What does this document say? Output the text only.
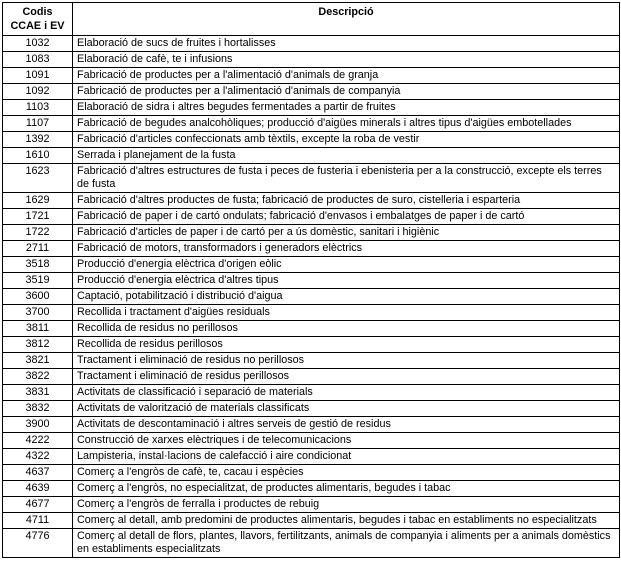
Codis CCAE i EV	Descripció
1032	Elaboració de sucs de fruites i hortalisses
1083	Elaboració de cafè, te i infusions
1091	Fabricació de productes per a l'alimentació d'animals de granja
1092	Fabricació de productes per a l'alimentació d'animals de companyia
1103	Elaboració de sidra i altres begudes fermentades a partir de fruites
1107	Fabricació de begudes analcohòliques; producció d'aigües minerals i altres tipus d'aigües embotellades
1392	Fabricació d'articles confeccionats amb tèxtils, excepte la roba de vestir
1610	Serrada i planejament de la fusta
1623	Fabricació d'altres estructures de fusta i peces de fusteria i ebenisteria per a la construcció, excepte els terres de fusta
1629	Fabricació d'altres productes de fusta; fabricació de productes de suro, cistelleria i esparteria
1721	Fabricació de paper i de cartó ondulats; fabricació d'envasos i embalatges de paper i de cartó
1722	Fabricació d'articles de paper i de cartó per a ús domèstic, sanitari i higiènic
2711	Fabricació de motors, transformadors i generadors elèctrics
3518	Producció d'energia elèctrica d'origen eòlic
3519	Producció d'energia elèctrica d'altres tipus
3600	Captació, potabilització i distribució d'aigua
3700	Recollida i tractament d'aigües residuals
3811	Recollida de residus no perillosos
3812	Recollida de residus perillosos
3821	Tractament i eliminació de residus no perillosos
3822	Tractament i eliminació de residus perillosos
3831	Activitats de classificació i separació de materials
3832	Activitats de valorització de materials classificats
3900	Activitats de descontaminació i altres serveis de gestió de residus
4222	Construcció de xarxes elèctriques i de telecomunicacions
4322	Lampisteria, instal·lacions de calefacció i aire condicionat
4637	Comerç a l'engròs de cafè, te, cacau i espècies
4639	Comerç a l'engròs, no especialitzat, de productes alimentaris, begudes i tabac
4677	Comerç a l'engròs de ferralla i productes de rebuig
4711	Comerç al detall, amb predomini de productes alimentaris, begudes i tabac en establiments no especialitzats
4776	Comerç al detall de flors, plantes, llavors, fertilitzants, animals de companyia i aliments per a animals domèstics en establiments especialitzats
